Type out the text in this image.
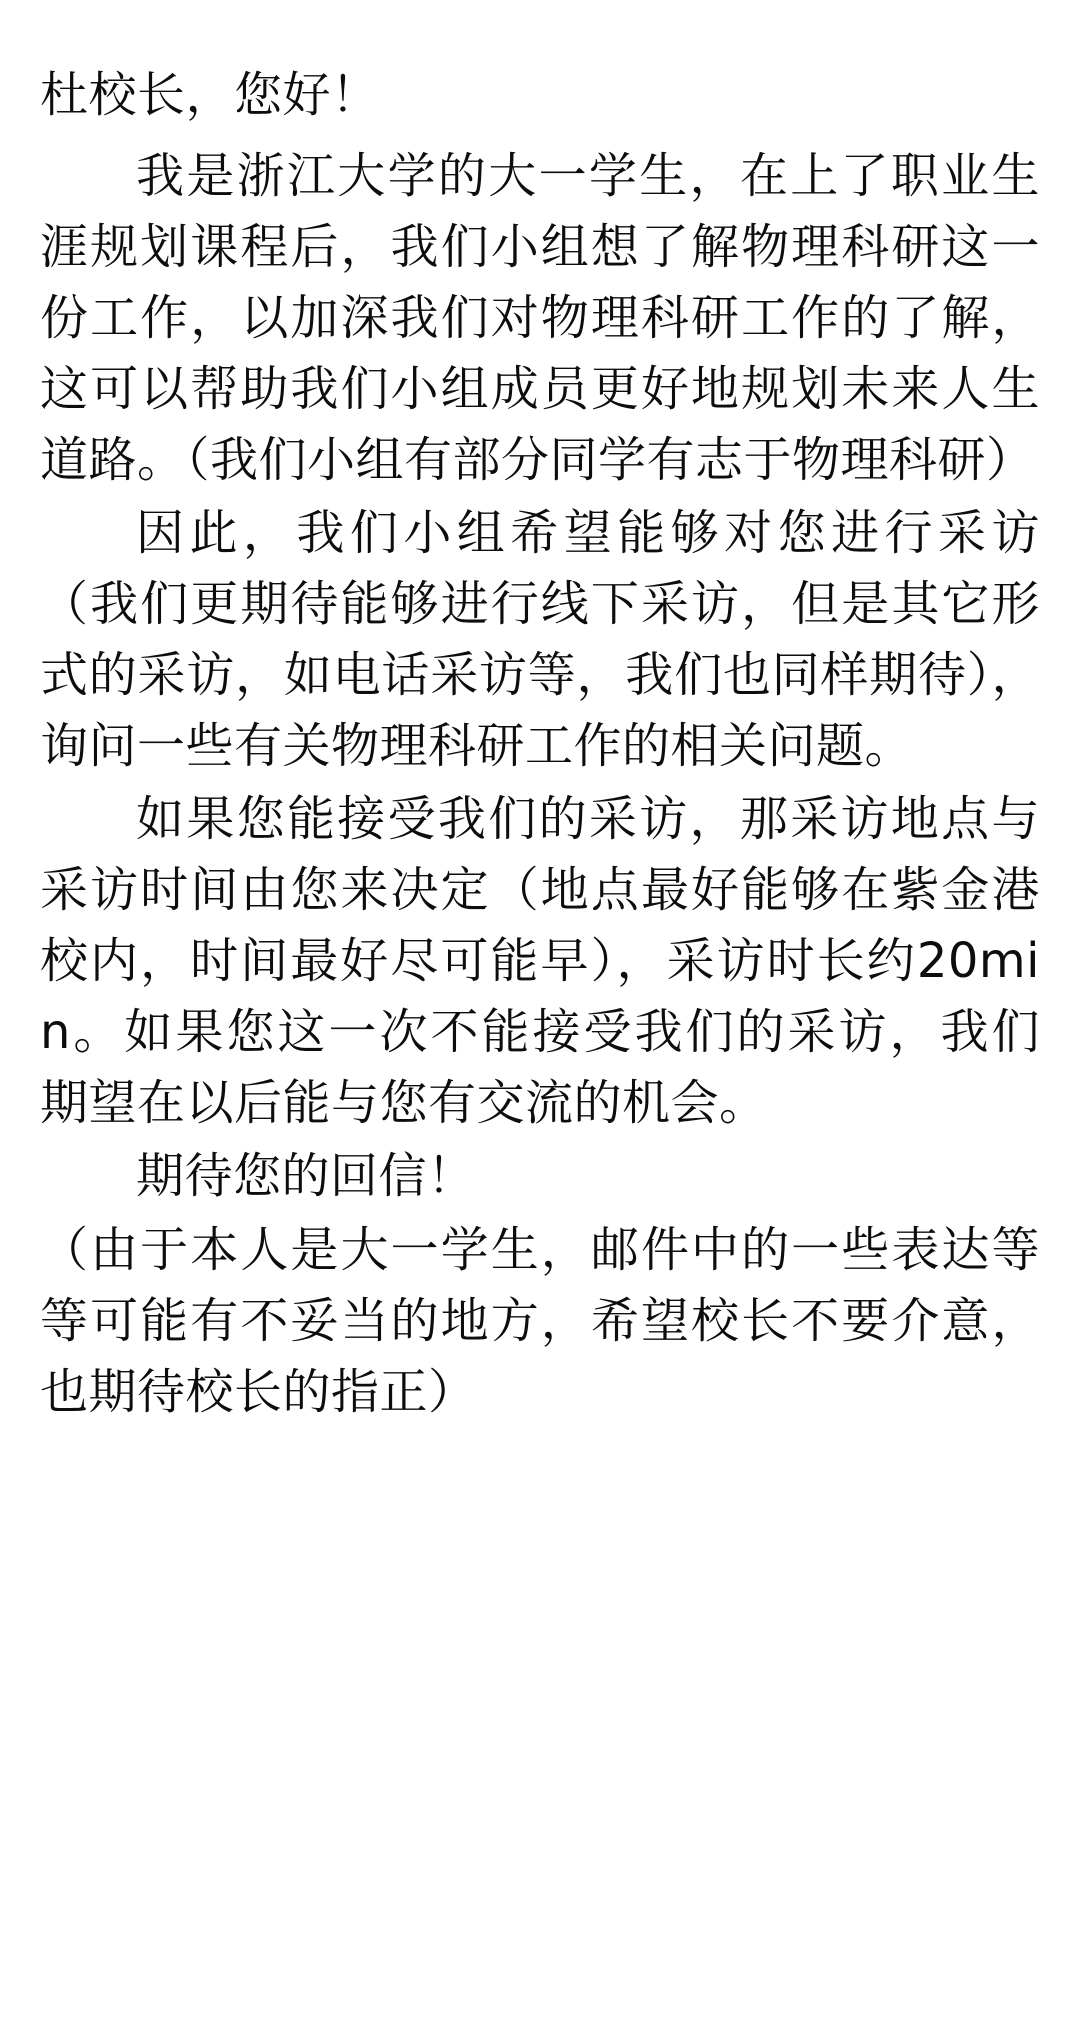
杜校长，您好！

我是浙江大学的大一学生，在上了职业生涯规划课程后，我们小组想了解物理科研这一份工作，以加深我们对物理科研工作的了解，这可以帮助我们小组成员更好地规划未来人生道路。（我们小组有部分同学有志于物理科研）

因此，我们小组希望能够对您进行采访（我们更期待能够进行线下采访，但是其它形式的采访，如电话采访等，我们也同样期待），询问一些有关物理科研工作的相关问题。

如果您能接受我们的采访，那采访地点与采访时间由您来决定（地点最好能够在紫金港校内，时间最好尽可能早），采访时长约20min。如果您这一次不能接受我们的采访，我们期望在以后能与您有交流的机会。

期待您的回信！

（由于本人是大一学生，邮件中的一些表达等等可能有不妥当的地方，希望校长不要介意，也期待校长的指正）
